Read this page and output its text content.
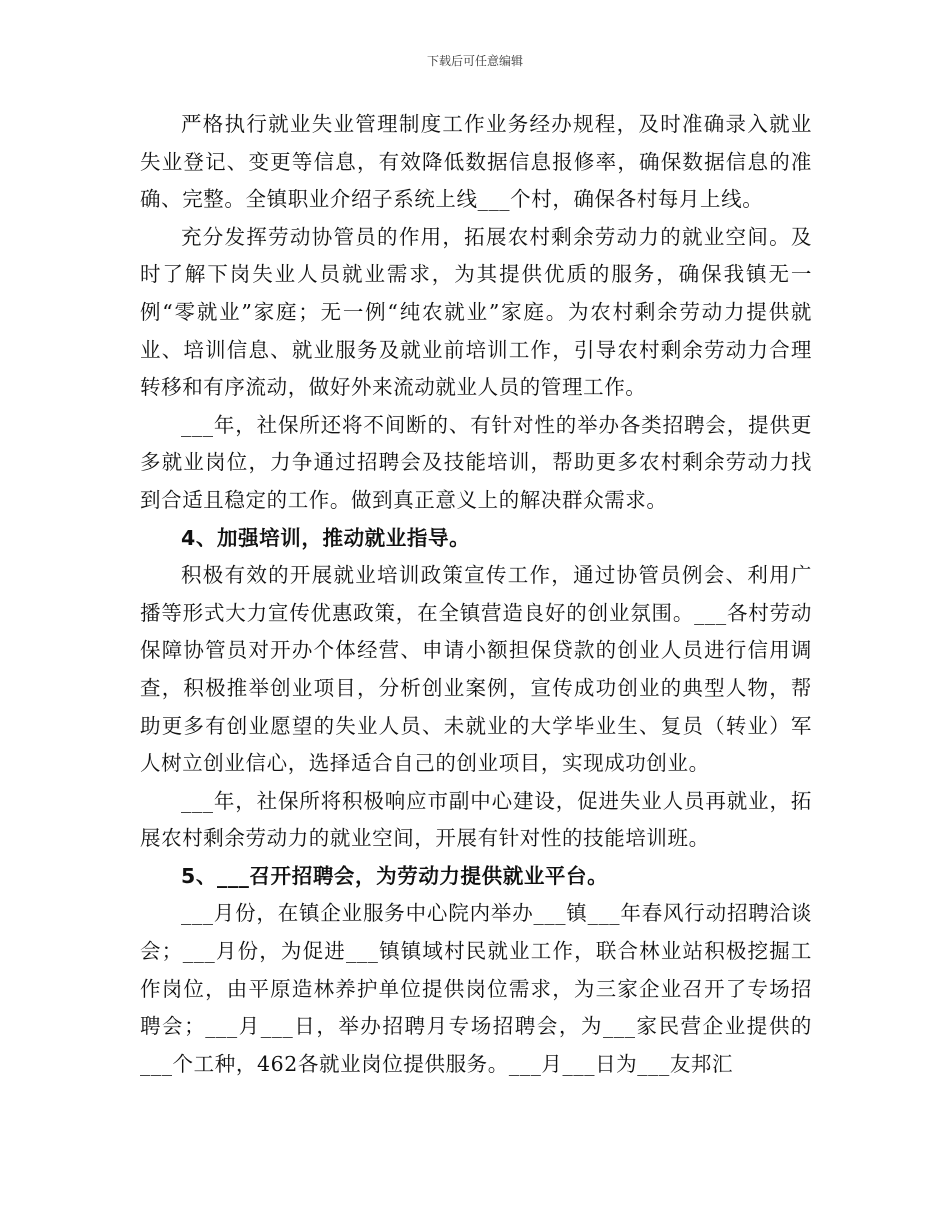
下载后可任意编辑

严格执行就业失业管理制度工作业务经办规程，及时准确录入就业失业登记、变更等信息，有效降低数据信息报修率，确保数据信息的准确、完整。全镇职业介绍子系统上线___个村，确保各村每月上线。

充分发挥劳动协管员的作用，拓展农村剩余劳动力的就业空间。及时了解下岗失业人员就业需求，为其提供优质的服务，确保我镇无一例“零就业”家庭；无一例“纯农就业”家庭。为农村剩余劳动力提供就业、培训信息、就业服务及就业前培训工作，引导农村剩余劳动力合理转移和有序流动，做好外来流动就业人员的管理工作。

___年，社保所还将不间断的、有针对性的举办各类招聘会，提供更多就业岗位，力争通过招聘会及技能培训，帮助更多农村剩余劳动力找到合适且稳定的工作。做到真正意义上的解决群众需求。

4、加强培训，推动就业指导。

积极有效的开展就业培训政策宣传工作，通过协管员例会、利用广播等形式大力宣传优惠政策，在全镇营造良好的创业氛围。___各村劳动保障协管员对开办个体经营、申请小额担保贷款的创业人员进行信用调查，积极推举创业项目，分析创业案例，宣传成功创业的典型人物，帮助更多有创业愿望的失业人员、未就业的大学毕业生、复员（转业）军人树立创业信心，选择适合自己的创业项目，实现成功创业。

___年，社保所将积极响应市副中心建设，促进失业人员再就业，拓展农村剩余劳动力的就业空间，开展有针对性的技能培训班。

5、___召开招聘会，为劳动力提供就业平台。

___月份，在镇企业服务中心院内举办___镇___年春风行动招聘洽谈会；___月份，为促进___镇镇域村民就业工作，联合林业站积极挖掘工作岗位，由平原造林养护单位提供岗位需求，为三家企业召开了专场招聘会；___月___日，举办招聘月专场招聘会，为___家民营企业提供的___个工种，462各就业岗位提供服务。___月___日为___友邦汇
